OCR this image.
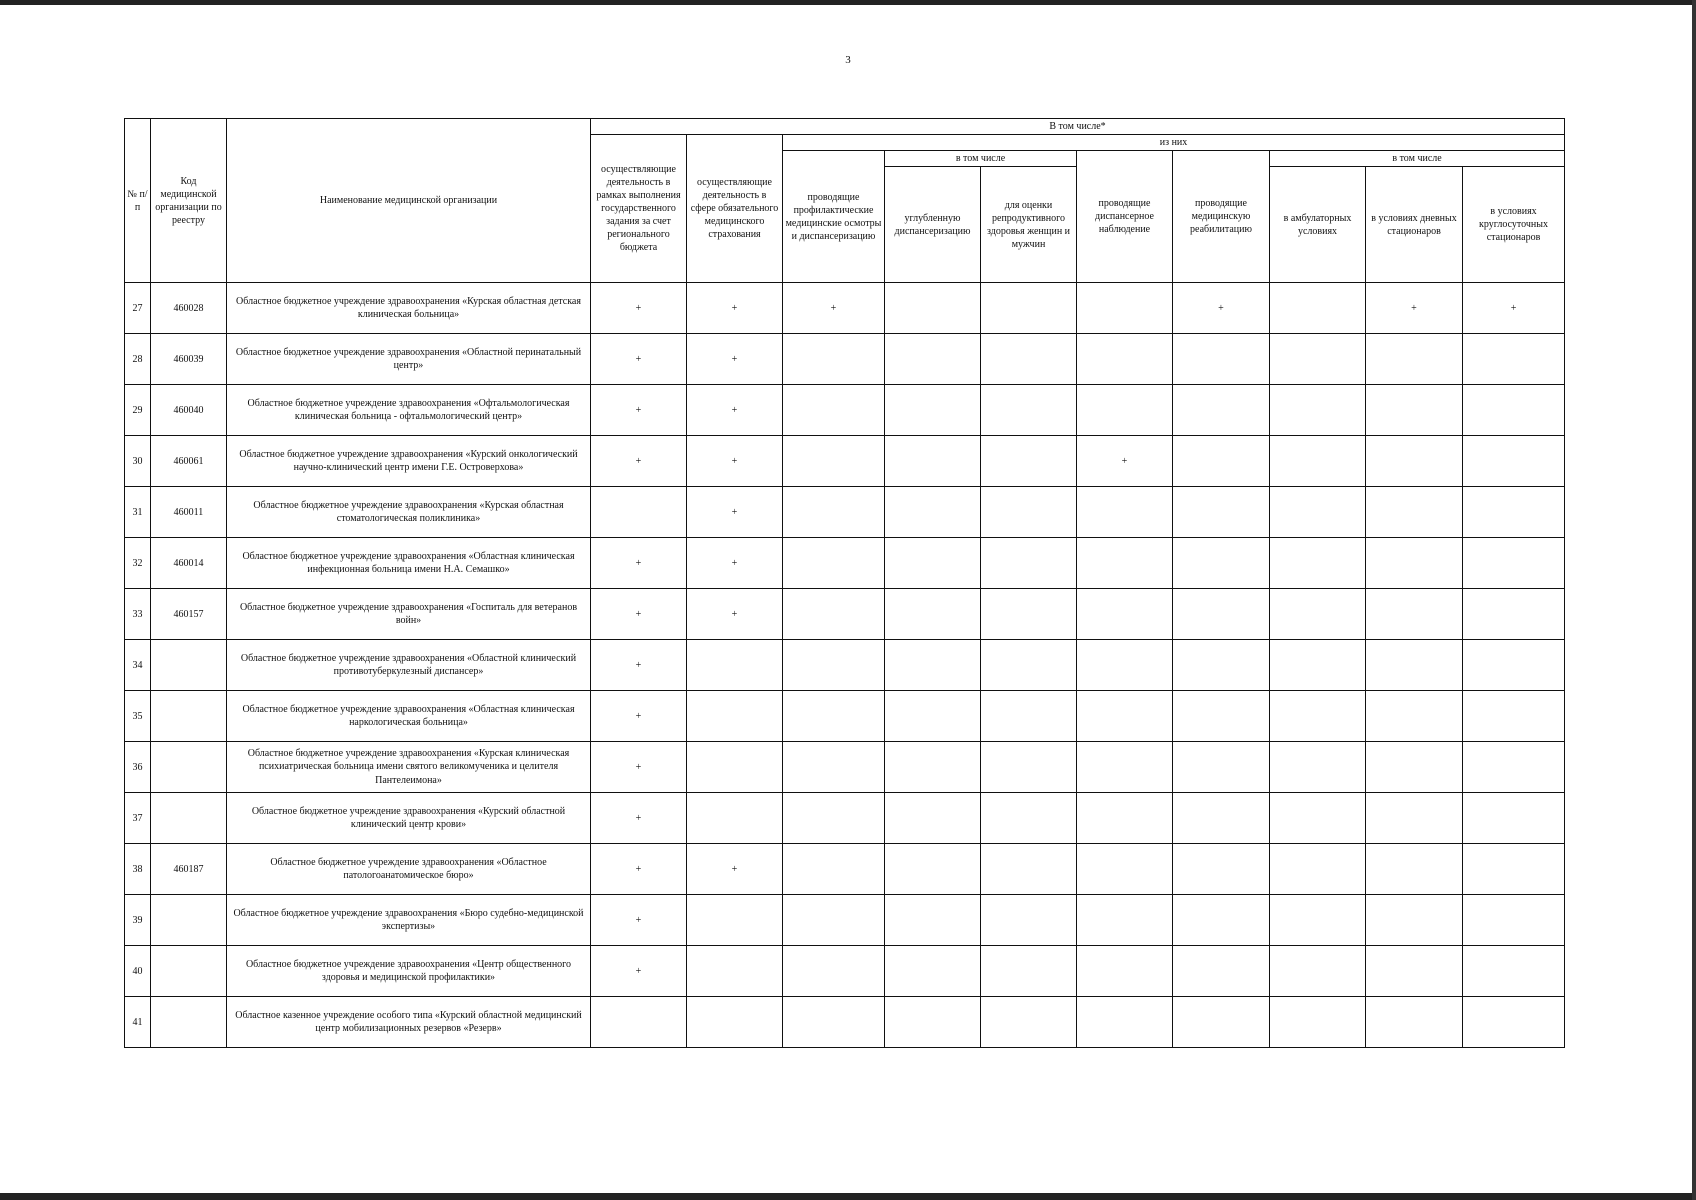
3
№ п/п	Код медицинской организации по реестру	Наименование медицинской организации	В том числе*									
			осуществляющие деятельность в рамках выполнения государственного задания за счет регионального бюджета	осуществляющие деятельность в сфере обязательного медицинского страхования	из них							
					проводящие профилактические медицинские осмотры и диспансеризацию	в том числе		проводящие диспансерное наблюдение	проводящие медицинскую реабилитацию	в том числе		
						углубленную диспансеризацию	для оценки репродуктивного здоровья женщин и мужчин			в амбулаторных условиях	в условиях дневных стационаров	в условиях круглосуточных стационаров

27	460028	Областное бюджетное учреждение здравоохранения «Курская областная детская клиническая больница»	+	+	+				+		+	+
28	460039	Областное бюджетное учреждение здравоохранения «Областной перинатальный центр»	+	+								
29	460040	Областное бюджетное учреждение здравоохранения «Офтальмологическая клиническая больница - офтальмологический центр»	+	+								
30	460061	Областное бюджетное учреждение здравоохранения «Курский онкологический научно-клинический центр имени Г.Е. Островерхова»	+	+				+				
31	460011	Областное бюджетное учреждение здравоохранения «Курская областная стоматологическая поликлиника»		+								
32	460014	Областное бюджетное учреждение здравоохранения «Областная клиническая инфекционная больница имени Н.А. Семашко»	+	+								
33	460157	Областное бюджетное учреждение здравоохранения «Госпиталь для ветеранов войн»	+	+								
34		Областное бюджетное учреждение здравоохранения «Областной клинический противотуберкулезный диспансер»	+									
35		Областное бюджетное учреждение здравоохранения «Областная клиническая наркологическая больница»	+									
36		Областное бюджетное учреждение здравоохранения «Курская клиническая психиатрическая больница имени святого великомученика и целителя Пантелеимона»	+									
37		Областное бюджетное учреждение здравоохранения «Курский областной клинический центр крови»	+									
38	460187	Областное бюджетное учреждение здравоохранения «Областное патологоанатомическое бюро»	+	+								
39		Областное бюджетное учреждение здравоохранения «Бюро судебно-медицинской экспертизы»	+									
40		Областное бюджетное учреждение здравоохранения «Центр общественного здоровья и медицинской профилактики»	+									
41		Областное казенное учреждение особого типа «Курский областной медицинский центр мобилизационных резервов «Резерв»										
